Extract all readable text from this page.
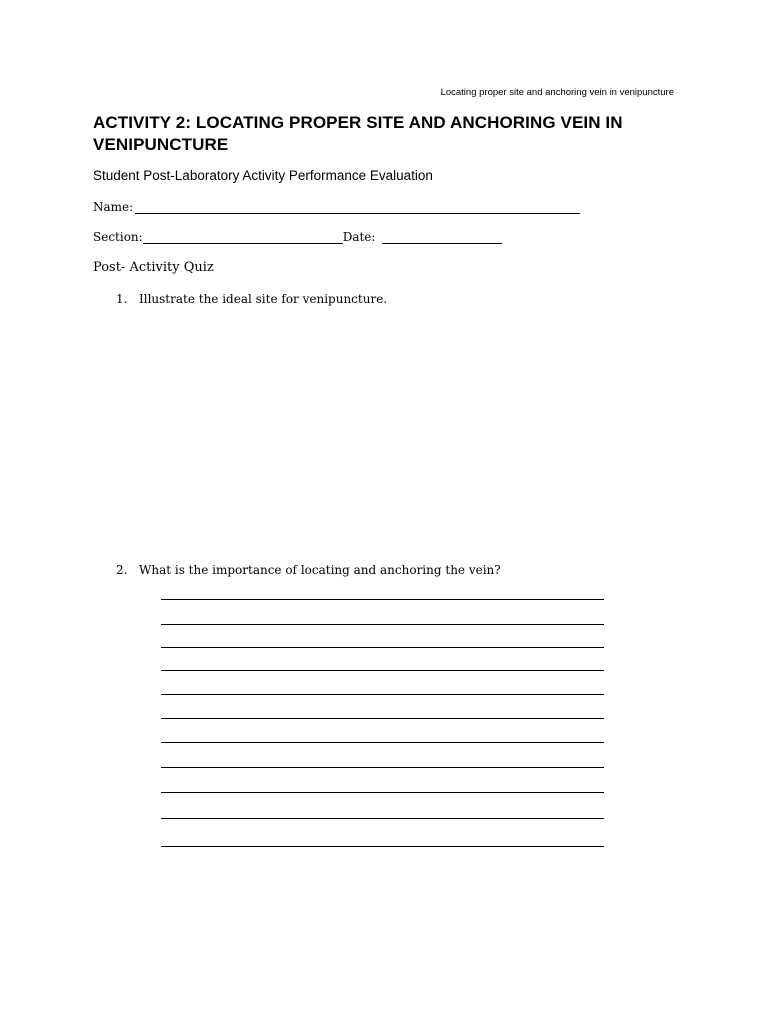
Locating proper site and anchoring vein in venipuncture
ACTIVITY 2: LOCATING PROPER SITE AND ANCHORING VEIN IN VENIPUNCTURE
Student Post-Laboratory Activity Performance Evaluation
Name:
Section:	Date:
Post- Activity Quiz
1. Illustrate the ideal site for venipuncture.
2. What is the importance of locating and anchoring the vein?
